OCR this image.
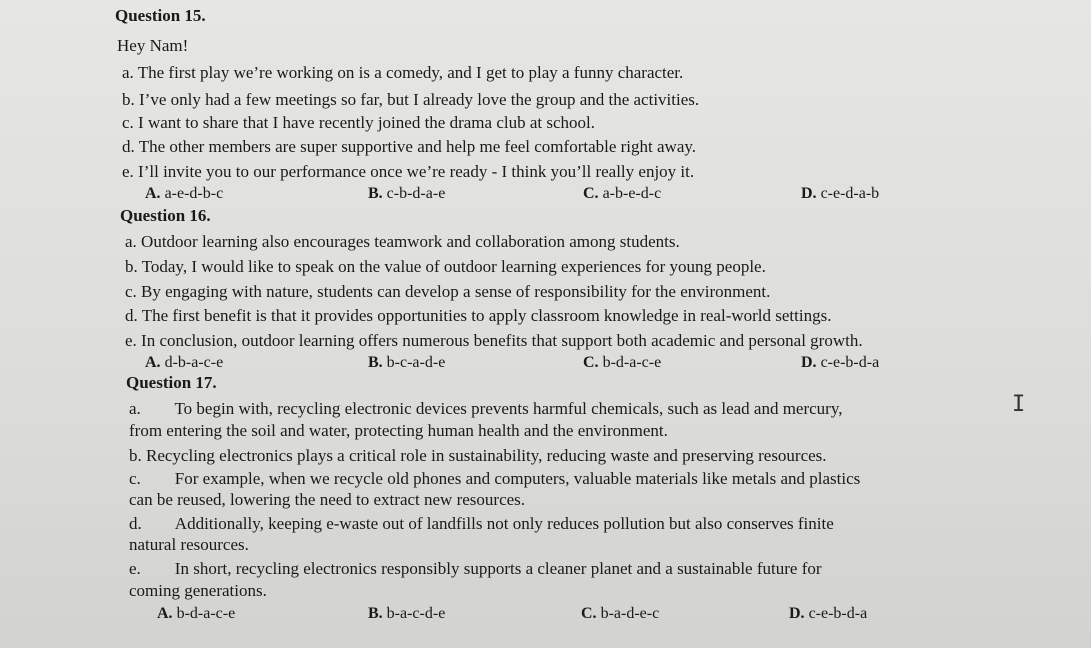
Question 15.
Hey Nam!
a. The first play we’re working on is a comedy, and I get to play a funny character.
b. I’ve only had a few meetings so far, but I already love the group and the activities.
c. I want to share that I have recently joined the drama club at school.
d. The other members are super supportive and help me feel comfortable right away.
e. I’ll invite you to our performance once we’re ready - I think you’ll really enjoy it.
A. a-e-d-b-c	B. c-b-d-a-e	C. a-b-e-d-c	D. c-e-d-a-b
Question 16.
a. Outdoor learning also encourages teamwork and collaboration among students.
b. Today, I would like to speak on the value of outdoor learning experiences for young people.
c. By engaging with nature, students can develop a sense of responsibility for the environment.
d. The first benefit is that it provides opportunities to apply classroom knowledge in real-world settings.
e. In conclusion, outdoor learning offers numerous benefits that support both academic and personal growth.
A. d-b-a-c-e	B. b-c-a-d-e	C. b-d-a-c-e	D. c-e-b-d-a
Question 17.
a.        To begin with, recycling electronic devices prevents harmful chemicals, such as lead and mercury,
from entering the soil and water, protecting human health and the environment.
b. Recycling electronics plays a critical role in sustainability, reducing waste and preserving resources.
c.        For example, when we recycle old phones and computers, valuable materials like metals and plastics
can be reused, lowering the need to extract new resources.
d.        Additionally, keeping e-waste out of landfills not only reduces pollution but also conserves finite
natural resources.
e.        In short, recycling electronics responsibly supports a cleaner planet and a sustainable future for
coming generations.
A. b-d-a-c-e	B. b-a-c-d-e	C. b-a-d-e-c	D. c-e-b-d-a
I
